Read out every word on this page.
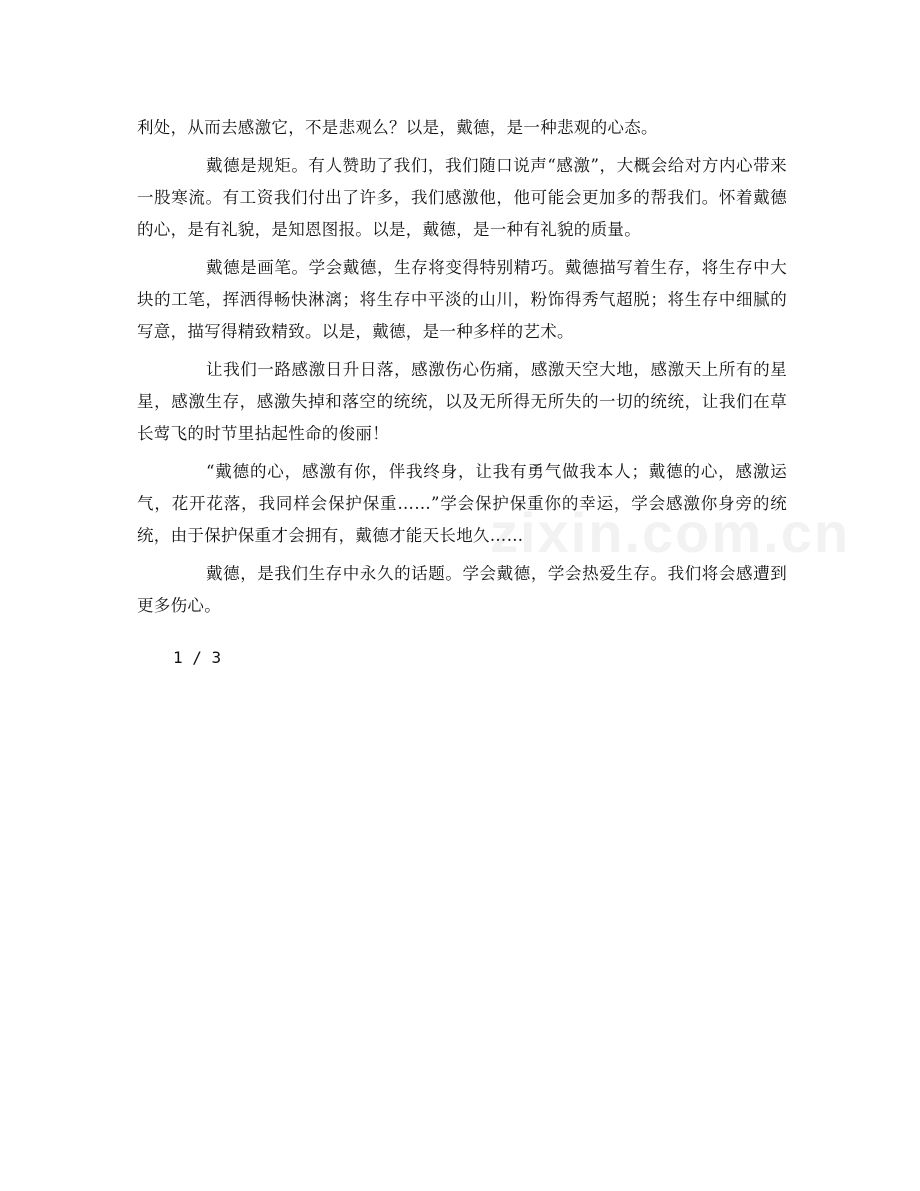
利处，从而去感激它，不是悲观么？以是，戴德，是一种悲观的心态。

戴德是规矩。有人赞助了我们，我们随口说声“感激”，大概会给对方内心带来一股寒流。有工资我们付出了许多，我们感激他，他可能会更加多的帮我们。怀着戴德的心，是有礼貌，是知恩图报。以是，戴德，是一种有礼貌的质量。

戴德是画笔。学会戴德，生存将变得特别精巧。戴德描写着生存，将生存中大块的工笔，挥洒得畅快淋漓；将生存中平淡的山川，粉饰得秀气超脱；将生存中细腻的写意，描写得精致精致。以是，戴德，是一种多样的艺术。

让我们一路感激日升日落，感激伤心伤痛，感激天空大地，感激天上所有的星星，感激生存，感激失掉和落空的统统，以及无所得无所失的一切的统统，让我们在草长莺飞的时节里拈起性命的俊丽！

“戴德的心，感激有你，伴我终身，让我有勇气做我本人；戴德的心，感激运气，花开花落，我同样会保护保重……”学会保护保重你的幸运，学会感激你身旁的统统，由于保护保重才会拥有，戴德才能天长地久……

戴德，是我们生存中永久的话题。学会戴德，学会热爱生存。我们将会感遭到更多伤心。

1 / 3
zixin.com.cn
